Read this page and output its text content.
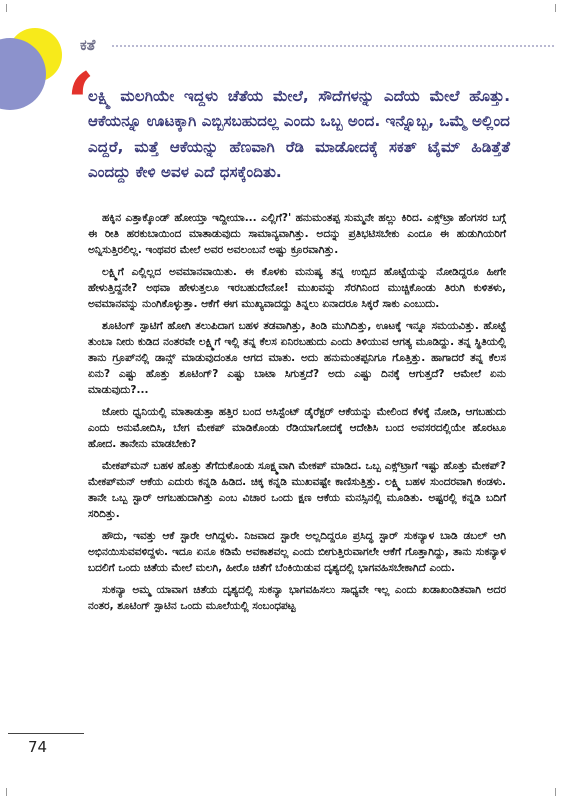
ಕತೆ
‘

ಲಕ್ಷ್ಮಿ ಮಲಗಿಯೇ ಇದ್ದಳು ಚೆತೆಯ ಮೇಲೆ, ಸೌದೆಗಳನ್ನು ಎದೆಯ ಮೇಲೆ ಹೊತ್ತು. ಆಕೆಯನ್ನೂ ಊಟಕ್ಕಾಗಿ ಎಬ್ಬಿಸಬಹುದಲ್ಲ ಎಂದು ಒಬ್ಬ ಅಂದ. ಇನ್ನೊಬ್ಬ, ಒಮ್ಮೆ ಅಲ್ಲಿಂದ ಎದ್ದರೆ, ಮತ್ತೆ ಆಕೆಯನ್ನು ಹೆಣವಾಗಿ ರೆಡಿ ಮಾಡೋದಕ್ಕೆ ಸಕತ್ ಟೈಮ್ ಹಿಡಿತ್ತೆತೆ ಎಂದದ್ದು ಕೇಳಿ ಅವಳ ಎದೆ ಧಸಕ್ಕೆಂದಿತು.

ಹಕ್ಕಿನ ಎತ್ತಾಕ್ಕೊಂಡ್ ಹೋಯ್ತಾ ಇದ್ದೀಯಾ... ಎಲ್ಲಿಗೆ?' ಹನುಮಂತಪ್ಪ ಸುಮ್ಮನೇ ಹಲ್ಲು ಕಿರಿದ. ಎಕ್ಸ್‌ಟ್ರಾ ಹೆಂಗಸರ ಬಗ್ಗೆ ಈ ರೀತಿ ಹರಕುಬಾಯಿಂದ ಮಾತಾಡುವುದು ಸಾಮಾನ್ಯವಾಗಿತ್ತು. ಅದನ್ನು ಪ್ರತಿಭಟಿಸಬೇಕು ಎಂದೂ ಈ ಹುಡುಗಿಯರಿಗೆ ಅನ್ನಿಸುತ್ತಿರಲಿಲ್ಲ. ಇಂಥವರ ಮೇಲೆ ಅವರ ಅವಲಂಬನೆ ಅಷ್ಟು ಕ್ರೂರವಾಗಿತ್ತು.

ಲಕ್ಷ್ಮಿಗೆ ಎಲ್ಲಿಲ್ಲದ ಅವಮಾನವಾಯಿತು. ಈ ಕೊಳಕು ಮನುಷ್ಯ ತನ್ನ ಉಬ್ಬಿದ ಹೊಟ್ಟೆಯನ್ನು ನೋಡಿದ್ದರೂ ಹೀಗೇ ಹೇಳುತ್ತಿದ್ದನೇ? ಅಥವಾ ಹೇಳುತ್ತಲೂ ಇರಬಹುದೇನೋ! ಮುಖವನ್ನು ಸೆರಗಿನಿಂದ ಮುಚ್ಚಿಕೊಂಡು ತಿರುಗಿ ಕುಳಿತಳು, ಅವಮಾನವನ್ನು ನುಂಗಿಕೊಳ್ಳುತ್ತಾ. ಆಕೆಗೆ ಈಗ ಮುಖ್ಯವಾದದ್ದು ತಿನ್ನಲು ಏನಾದರೂ ಸಿಕ್ಕರೆ ಸಾಕು ಎಂಬುದು.

ಶೂಟಿಂಗ್ ಸ್ಪಾಟಿಗೆ ಹೋಗಿ ತಲುಪಿದಾಗ ಬಹಳ ತಡವಾಗಿತ್ತು, ತಿಂಡಿ ಮುಗಿದಿತ್ತು, ಊಟಕ್ಕೆ ಇನ್ನೂ ಸಮಯವಿತ್ತು. ಹೊಟ್ಟೆ ತುಂಬಾ ನೀರು ಕುಡಿದ ನಂತರವೇ ಲಕ್ಷ್ಮಿಗೆ ಇಲ್ಲಿ ತನ್ನ ಕೆಲಸ ಏನಿರಬಹುದು ಎಂದು ತಿಳಿಯುವ ಆಗತ್ಯ ಮೂಡಿದ್ದು. ತನ್ನ ಸ್ಥಿತಿಯಲ್ಲಿ ತಾನು ಗ್ರೂಪ್‌ನಲ್ಲಿ ಡಾನ್ಸ್ ಮಾಡುವುದಂತೂ ಆಗದ ಮಾತು. ಅದು ಹನುಮಂತಪ್ಪನಿಗೂ ಗೊತ್ತಿತ್ತು. ಹಾಗಾದರೆ ತನ್ನ ಕೆಲಸ ಏನು? ಎಷ್ಟು ಹೊತ್ತು ಶೂಟಿಂಗ್? ಎಷ್ಟು ಬಾಟಾ ಸಿಗುತ್ತದೆ? ಅದು ಎಷ್ಟು ದಿನಕ್ಕೆ ಆಗುತ್ತದೆ? ಆಮೇಲೆ ಏನು ಮಾಡುವುದು?...

ಜೋರು ಧ್ವನಿಯಲ್ಲಿ ಮಾತಾಡುತ್ತಾ ಹತ್ತಿರ ಬಂದ ಅಸಿಸ್ಟೆಂಟ್ ಡೈರೆಕ್ಟರ್ ಆಕೆಯನ್ನು ಮೇಲಿಂದ ಕೆಳಕ್ಕೆ ನೋಡಿ, ಆಗಬಹುದು ಎಂದು ಅನುಮೋದಿಸಿ, ಬೇಗ ಮೇಕಪ್ ಮಾಡಿಕೊಂಡು ರೆಡಿಯಾಗೋದಕ್ಕೆ ಆದೇಶಿಸಿ ಬಂದ ಅವಸರದಲ್ಲಿಯೇ ಹೊರಟೂ ಹೋದ. ತಾನೇನು ಮಾಡಬೇಕು?

ಮೇಕಪ್‌ಮನ್ ಬಹಳ ಹೊತ್ತು ತೆಗೆದುಕೊಂಡು ಸೂಕ್ಷ್ಮವಾಗಿ ಮೇಕಪ್ ಮಾಡಿದ. ಒಬ್ಬ ಎಕ್ಸ್‌ಟ್ರಾಗೆ ಇಷ್ಟು ಹೊತ್ತು ಮೇಕಪ್? ಮೇಕಪ್‌ಮನ್ ಆಕೆಯ ಎದುರು ಕನ್ನಡಿ ಹಿಡಿದ. ಚಿಕ್ಕ ಕನ್ನಡಿ ಮುಖವಷ್ಟೇ ಕಾಣಿಸುತ್ತಿತ್ತು. ಲಕ್ಷ್ಮಿ ಬಹಳ ಸುಂದರವಾಗಿ ಕಂಡಳು. ತಾನೇ ಒಬ್ಬ ಸ್ಟಾರ್ ಆಗಬಹುದಾಗಿತ್ತು ಎಂಬ ವಿಚಾರ ಒಂದು ಕ್ಷಣ ಆಕೆಯ ಮನಸ್ಸಿನಲ್ಲಿ ಮೂಡಿತು. ಅಷ್ಟರಲ್ಲಿ ಕನ್ನಡಿ ಬದಿಗೆ ಸರಿದಿತ್ತು.

ಹೌದು, ಇವತ್ತು ಆಕೆ ಸ್ಟಾರೇ ಆಗಿದ್ದಳು. ನಿಜವಾದ ಸ್ಟಾರೇ ಅಲ್ಲದಿದ್ದರೂ ಪ್ರಸಿದ್ಧ ಸ್ಟಾರ್ ಸುಕನ್ಯಾಳ ಬಾಡಿ ಡಬಲ್ ಆಗಿ ಅಭಿನಯಿಸುವವಳಿದ್ದಳು. ಇದೂ ಏನೂ ಕಡಿಮೆ ಅವಕಾಶವಲ್ಲ ಎಂದು ಬೀಗುತ್ತಿರುವಾಗಲೇ ಆಕೆಗೆ ಗೊತ್ತಾಗಿದ್ದು, ತಾನು ಸುಕನ್ಯಾಳ ಬದಲಿಗೆ ಒಂದು ಚಿತೆಯ ಮೇಲೆ ಮಲಗಿ, ಹೀರೊ ಚಿತೆಗೆ ಬೆಂಕಿಯಿಡುವ ದೃಶ್ಯದಲ್ಲಿ ಭಾಗವಹಿಸಬೇಕಾಗಿದೆ ಎಂದು.

ಸುಕನ್ಯಾ ಅಮ್ಮ ಯಾವಾಗ ಚಿತೆಯ ದೃಶ್ಯದಲ್ಲಿ ಸುಕನ್ಯಾ ಭಾಗವಹಿಸಲು ಸಾಧ್ಯವೇ ಇಲ್ಲ ಎಂದು ಖಡಾಖಂಡಿತವಾಗಿ ಅದರ ನಂತರ, ಶೂಟಿಂಗ್ ಸ್ಪಾಟಿನ ಒಂದು ಮೂಲೆಯಲ್ಲಿ ಸಂಬಂಧಪಟ್ಟ

74
